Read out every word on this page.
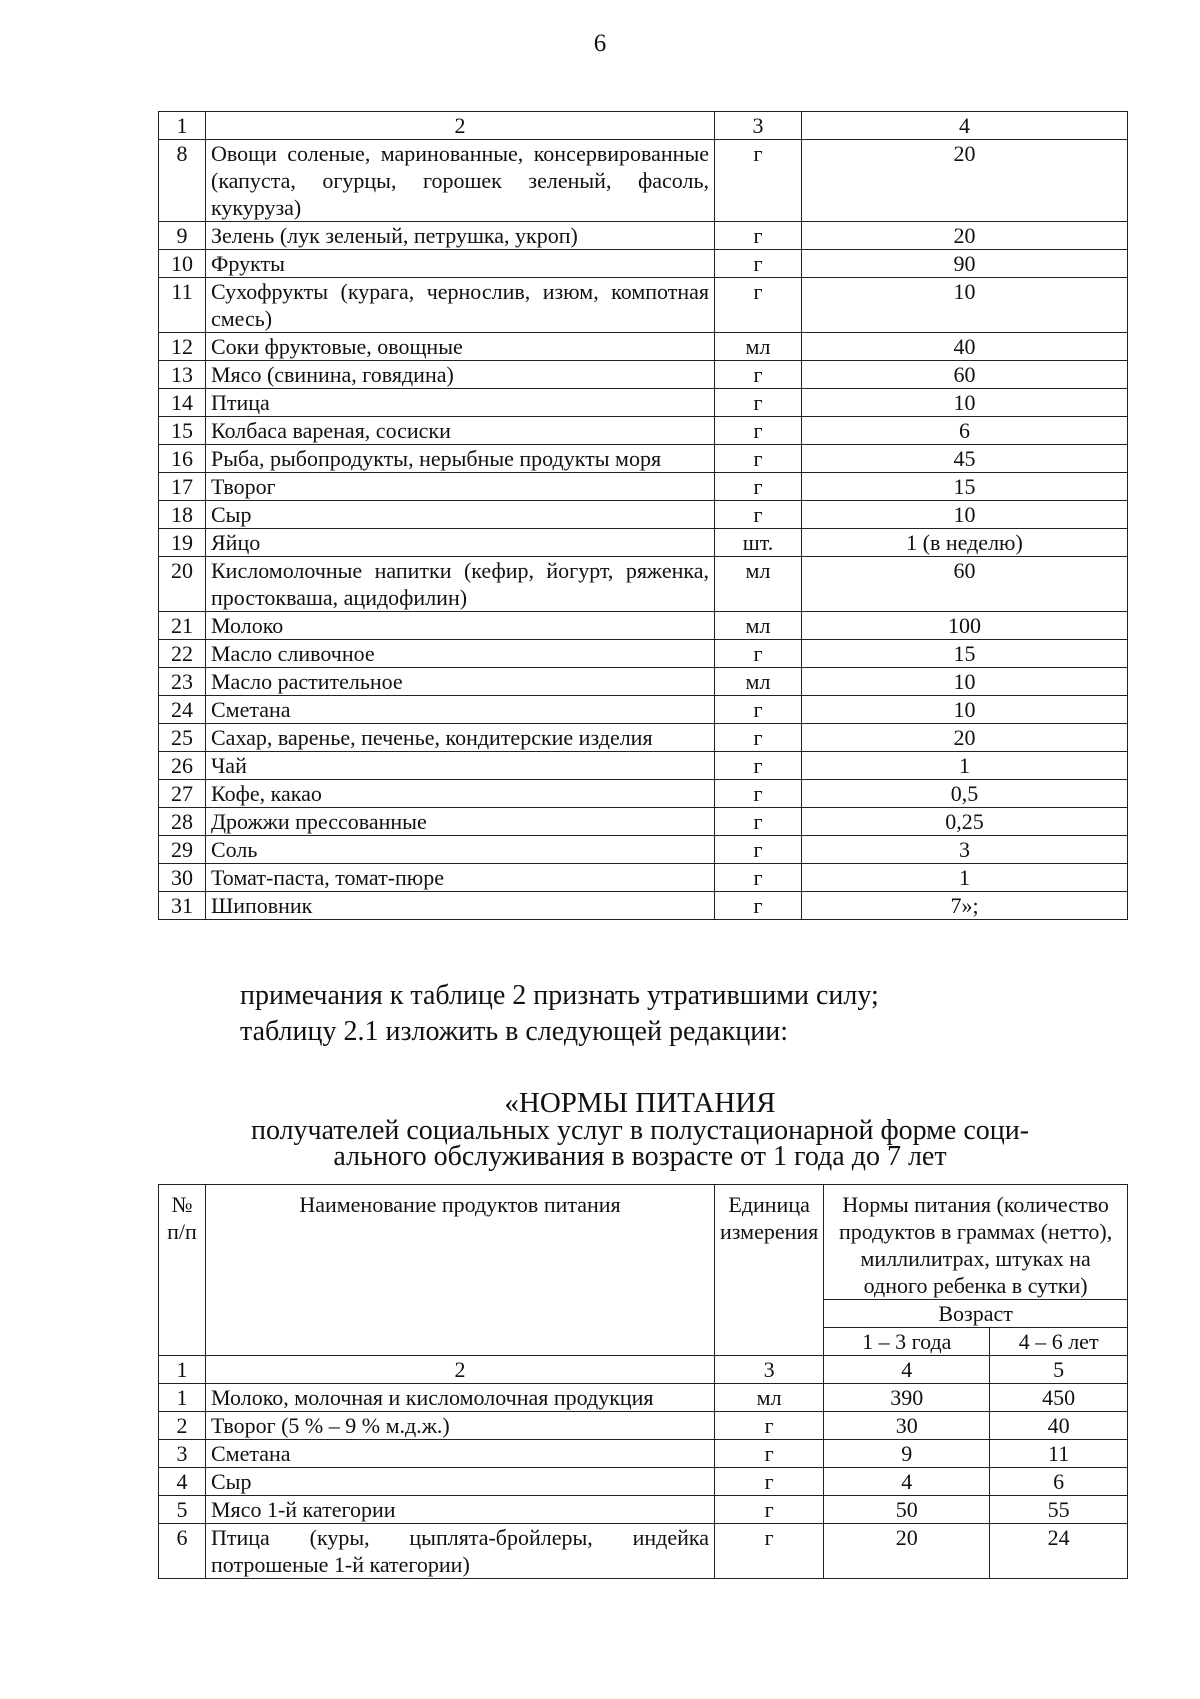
6
1	2	3	4
8	Овощи соленые, маринованные, консервированные (капуста, огурцы, горошек зеленый, фасоль, кукуруза)	г	20
9	Зелень (лук зеленый, петрушка, укроп)	г	20
10	Фрукты	г	90
11	Сухофрукты (курага, чернослив, изюм, компотная смесь)	г	10
12	Соки фруктовые, овощные	мл	40
13	Мясо (свинина, говядина)	г	60
14	Птица	г	10
15	Колбаса вареная, сосиски	г	6
16	Рыба, рыбопродукты, нерыбные продукты моря	г	45
17	Творог	г	15
18	Сыр	г	10
19	Яйцо	шт.	1 (в неделю)
20	Кисломолочные напитки (кефир, йогурт, ряженка, простокваша, ацидофилин)	мл	60
21	Молоко	мл	100
22	Масло сливочное	г	15
23	Масло растительное	мл	10
24	Сметана	г	10
25	Сахар, варенье, печенье, кондитерские изделия	г	20
26	Чай	г	1
27	Кофе, какао	г	0,5
28	Дрожжи прессованные	г	0,25
29	Соль	г	3
30	Томат-паста, томат-пюре	г	1
31	Шиповник	г	7»;

примечания к таблице 2 признать утратившими силу;

таблицу 2.1 изложить в следующей редакции:

«НОРМЫ ПИТАНИЯ
получателей социальных услуг в полустационарной форме соци-
ального обслуживания в возрасте от 1 года до 7 лет
№ п/п	Наименование продуктов питания	Единица измерения	Нормы питания (количество продуктов в граммах (нетто), миллилитрах, штуках на одного ребенка в сутки)	
			Возраст	
			1 – 3 года	4 – 6 лет
1	2	3	4	5
1	Молоко, молочная и кисломолочная продукция	мл	390	450
2	Творог (5 % – 9 % м.д.ж.)	г	30	40
3	Сметана	г	9	11
4	Сыр	г	4	6
5	Мясо 1-й категории	г	50	55
6	Птица (куры, цыплята-бройлеры, индейка потрошеные 1-й категории)	г	20	24
